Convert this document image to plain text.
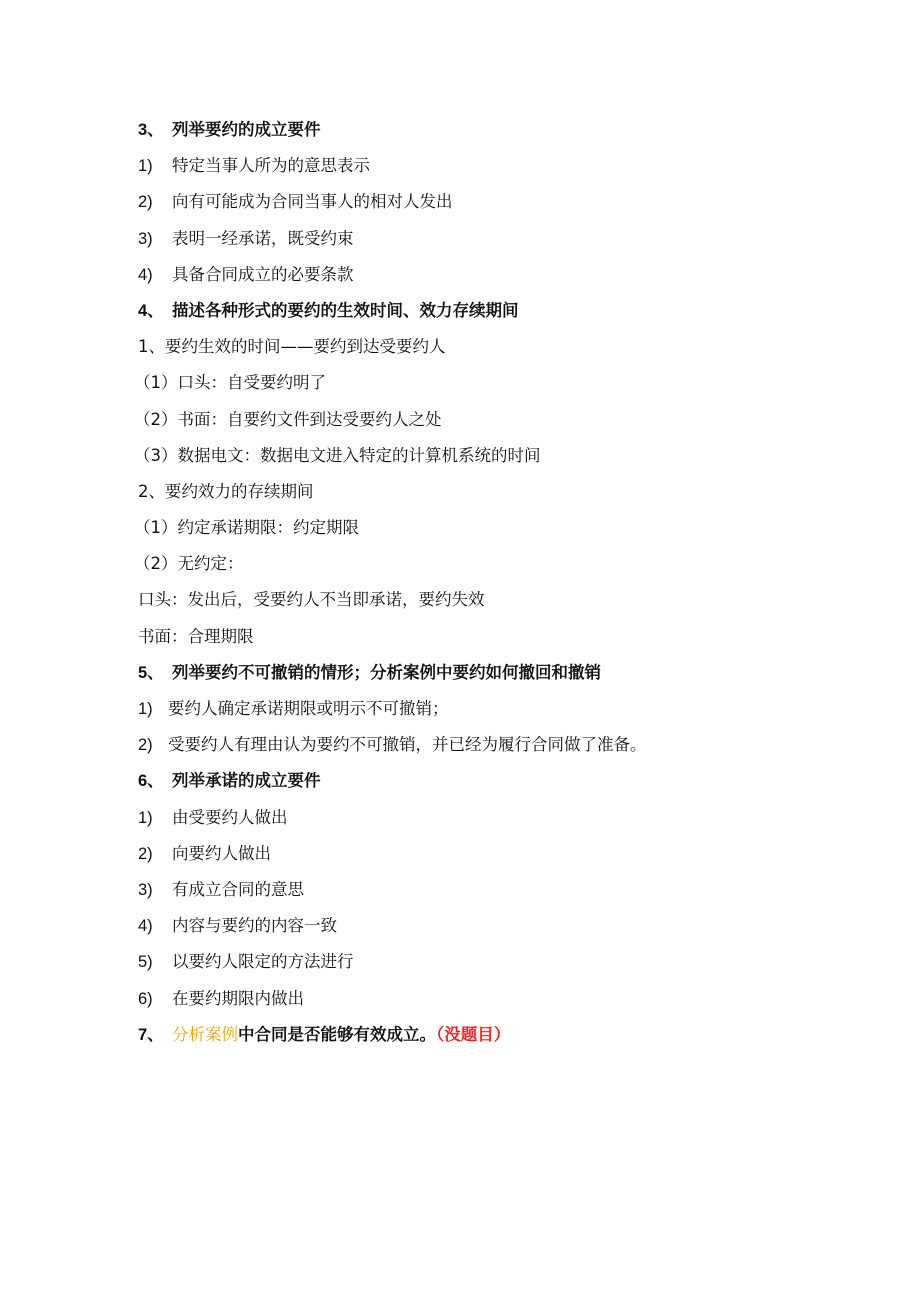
3、 列举要约的成立要件
1) 特定当事人所为的意思表示
2) 向有可能成为合同当事人的相对人发出
3) 表明一经承诺，既受约束
4) 具备合同成立的必要条款
4、 描述各种形式的要约的生效时间、效力存续期间
1、要约生效的时间——要约到达受要约人
（1）口头：自受要约明了
（2）书面：自要约文件到达受要约人之处
（3）数据电文：数据电文进入特定的计算机系统的时间
2、要约效力的存续期间
（1）约定承诺期限：约定期限
（2）无约定：
口头：发出后，受要约人不当即承诺，要约失效
书面：合理期限
5、 列举要约不可撤销的情形；分析案例中要约如何撤回和撤销
1) 要约人确定承诺期限或明示不可撤销；
2) 受要约人有理由认为要约不可撤销，并已经为履行合同做了准备。
6、 列举承诺的成立要件
1) 由受要约人做出
2) 向要约人做出
3) 有成立合同的意思
4) 内容与要约的内容一致
5) 以要约人限定的方法进行
6) 在要约期限内做出
7、 分析案例中合同是否能够有效成立。（没题目）
